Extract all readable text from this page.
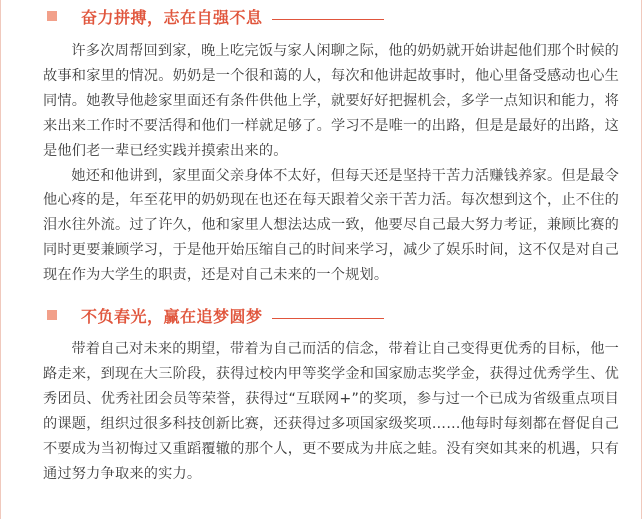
奋力拼搏，志在自强不息

许多次周帮回到家，晚上吃完饭与家人闲聊之际，他的奶奶就开始讲起他们那个时候的故事和家里的情况。奶奶是一个很和蔼的人，每次和他讲起故事时，他心里备受感动也心生同情。她教导他趁家里面还有条件供他上学，就要好好把握机会，多学一点知识和能力，将来出来工作时不要活得和他们一样就足够了。学习不是唯一的出路，但是是最好的出路，这是他们老一辈已经实践并摸索出来的。

她还和他讲到，家里面父亲身体不太好，但每天还是坚持干苦力活赚钱养家。但是最令他心疼的是，年至花甲的奶奶现在也还在每天跟着父亲干苦力活。每次想到这个，止不住的泪水往外流。过了许久，他和家里人想法达成一致，他要尽自己最大努力考证，兼顾比赛的同时更要兼顾学习，于是他开始压缩自己的时间来学习，减少了娱乐时间，这不仅是对自己现在作为大学生的职责，还是对自己未来的一个规划。

不负春光，赢在追梦圆梦

带着自己对未来的期望，带着为自己而活的信念，带着让自己变得更优秀的目标，他一路走来，到现在大三阶段，获得过校内甲等奖学金和国家励志奖学金，获得过优秀学生、优秀团员、优秀社团会员等荣誉，获得过“互联网+”的奖项，参与过一个已成为省级重点项目的课题，组织过很多科技创新比赛，还获得过多项国家级奖项……他每时每刻都在督促自己不要成为当初悔过又重蹈覆辙的那个人，更不要成为井底之蛙。没有突如其来的机遇，只有通过努力争取来的实力。
